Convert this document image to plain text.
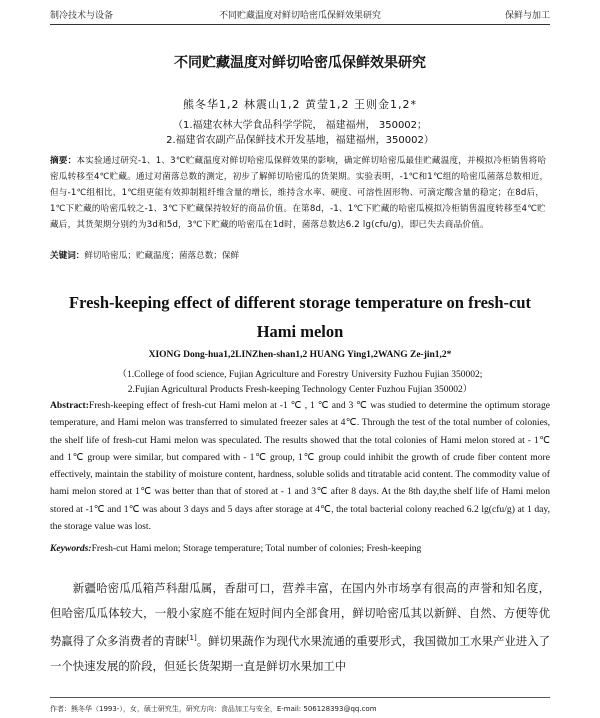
制冷技术与设备	不同贮藏温度对鲜切哈密瓜保鲜效果研究	保鲜与加工
不同贮藏温度对鲜切哈密瓜保鲜效果研究
熊冬华1,2 林震山1,2 黄莹1,2 王则金1,2*
（1.福建农林大学食品科学学院， 福建福州， 350002；
2.福建省农副产品保鲜技术开发基地，福建福州，350002）
摘要：本实验通过研究-1、1、3℃贮藏温度对鲜切哈密瓜保鲜效果的影响，确定鲜切哈密瓜最佳贮藏温度，并模拟冷柜销售将哈密瓜转移至4℃贮藏。通过对菌落总数的测定，初步了解鲜切哈密瓜的货架期。实验表明，-1℃和1℃组的哈密瓜菌落总数相近，但与-1℃组相比，1℃组更能有效抑制粗纤维含量的增长，维持含水率、硬度、可溶性固形物、可滴定酸含量的稳定；在8d后，1℃下贮藏的哈密瓜较之-1、3℃下贮藏保持较好的商品价值。在第8d，-1、1℃下贮藏的哈密瓜模拟冷柜销售温度转移至4℃贮藏后，其货架期分别约为3d和5d，3℃下贮藏的哈密瓜在1d时，菌落总数达6.2 lg(cfu/g)，即已失去商品价值。
关键词：鲜切哈密瓜；贮藏温度；菌落总数；保鲜
Fresh-keeping effect of different storage temperature on fresh-cut
Hami melon
XIONG Dong-hua1,2LINZhen-shan1,2 HUANG Ying1,2WANG Ze-jin1,2*
（1.College of food science, Fujian Agriculture and Forestry University Fuzhou Fujian 350002;
2.Fujian Agricultural Products Fresh-keeping Technology Center Fuzhou Fujian 350002）
Abstract:Fresh-keeping effect of fresh-cut Hami melon at -1 ℃ , 1 ℃ and 3 ℃ was studied to determine the optimum storage temperature, and Hami melon was transferred to simulated freezer sales at 4℃. Through the test of the total number of colonies, the shelf life of fresh-cut Hami melon was speculated. The results showed that the total colonies of Hami melon stored at - 1℃ and 1℃ group were similar, but compared with - 1℃ group, 1℃ group could inhibit the growth of crude fiber content more effectively, maintain the stability of moisture content, hardness, soluble solids and titratable acid content. The commodity value of hami melon stored at 1℃ was better than that of stored at - 1 and 3℃ after 8 days. At the 8th day,the shelf life of Hami melon stored at -1℃ and 1℃ was about 3 days and 5 days after storage at 4℃, the total bacterial colony reached 6.2 lg(cfu/g) at 1 day, the storage value was lost.
Keywords:Fresh-cut Hami melon; Storage temperature; Total number of colonies; Fresh-keeping
新疆哈密瓜瓜箱芦科甜瓜属，香甜可口，营养丰富，在国内外市场享有很高的声誉和知名度，但哈密瓜瓜体较大，一般小家庭不能在短时间内全部食用，鲜切哈密瓜其以新鲜、自然、方便等优势赢得了众多消费者的青睐[1]。鲜切果蔬作为现代水果流通的重要形式，我国微加工水果产业进入了一个快速发展的阶段，但延长货架期一直是鲜切水果加工中
作者：熊冬华（1993-），女，硕士研究生，研究方向：食品加工与安全，E-mail: 506128393@qq.com
